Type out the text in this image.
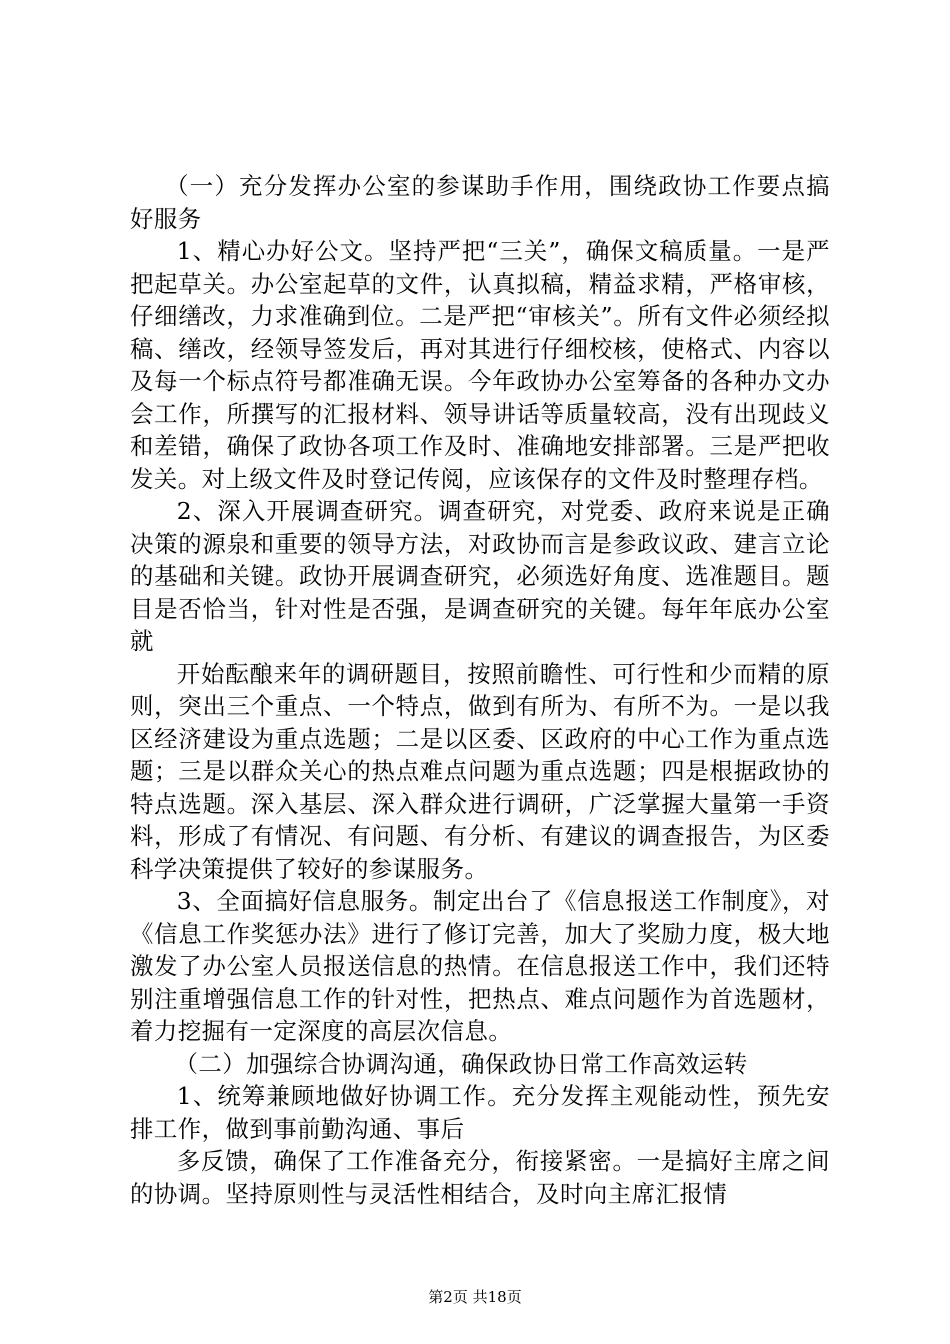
（一）充分发挥办公室的参谋助手作用，围绕政协工作要点搞好服务

1、精心办好公文。坚持严把“三关”，确保文稿质量。一是严把起草关。办公室起草的文件，认真拟稿，精益求精，严格审核，仔细缮改，力求准确到位。二是严把“审核关”。所有文件必须经拟稿、缮改，经领导签发后，再对其进行仔细校核，使格式、内容以及每一个标点符号都准确无误。今年政协办公室筹备的各种办文办会工作，所撰写的汇报材料、领导讲话等质量较高，没有出现歧义和差错，确保了政协各项工作及时、准确地安排部署。三是严把收发关。对上级文件及时登记传阅，应该保存的文件及时整理存档。

2、深入开展调查研究。调查研究，对党委、政府来说是正确决策的源泉和重要的领导方法，对政协而言是参政议政、建言立论的基础和关键。政协开展调查研究，必须选好角度、选准题目。题目是否恰当，针对性是否强，是调查研究的关键。每年年底办公室就

开始酝酿来年的调研题目，按照前瞻性、可行性和少而精的原则，突出三个重点、一个特点，做到有所为、有所不为。一是以我区经济建设为重点选题；二是以区委、区政府的中心工作为重点选题；三是以群众关心的热点难点问题为重点选题；四是根据政协的特点选题。深入基层、深入群众进行调研，广泛掌握大量第一手资料，形成了有情况、有问题、有分析、有建议的调查报告，为区委科学决策提供了较好的参谋服务。

3、全面搞好信息服务。制定出台了《信息报送工作制度》，对《信息工作奖惩办法》进行了修订完善，加大了奖励力度，极大地激发了办公室人员报送信息的热情。在信息报送工作中，我们还特别注重增强信息工作的针对性，把热点、难点问题作为首选题材，着力挖掘有一定深度的高层次信息。

（二）加强综合协调沟通，确保政协日常工作高效运转

1、统筹兼顾地做好协调工作。充分发挥主观能动性，预先安排工作，做到事前勤沟通、事后

多反馈，确保了工作准备充分，衔接紧密。一是搞好主席之间的协调。坚持原则性与灵活性相结合，及时向主席汇报情

第2页 共18页
